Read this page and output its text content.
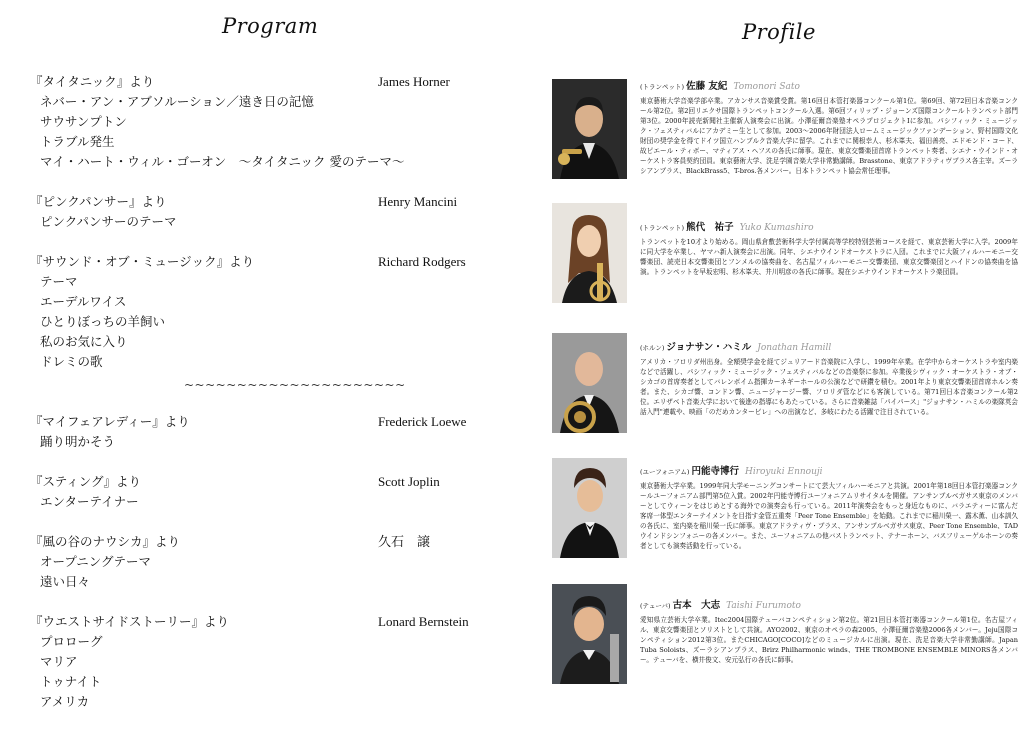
Program	Profile
『タイタニック』より	James Horner
ネバー・アン・アブソルーション／遠き日の記憶
サウサンプトン
トラブル発生
マイ・ハート・ウィル・ゴーオン　～タイタニック 愛のテーマ～
『ピンクパンサー』より	Henry Mancini
ピンクパンサーのテーマ
『サウンド・オブ・ミュージック』より	Richard Rodgers
テーマ
エーデルワイス
ひとりぼっちの羊飼い
私のお気に入り
ドレミの歌
~~~~~~~~~~~~~~~~~~~~~
『マイフェアレディー』より	Frederick Loewe
踊り明かそう
『スティング』より	Scott Joplin
エンターテイナー
『風の谷のナウシカ』より	久石　譲
オープニングテーマ
遠い日々
『ウエストサイドストーリー』より	Lonard Bernstein
プロローグ
マリア
トゥナイト
アメリカ
(トランペット) 佐藤 友紀 Tomonori Sato
東京藝術大学音楽学部卒業。アカンサス音楽賞受賞。第16回日本管打楽器コンクール第1位。第69回、第72回日本音楽コンクール第2位。第2回リエクサ国際トランペットコンクール入選。第6回フィリップ・ジョーンズ国際コンクールトランペット部門第3位。2000年読売新聞社主催新人演奏会に出演。小澤征爾音楽塾オペラプロジェクトⅠに参加。パシフィック・ミュージック・フェスティバルにアカデミー生として参加。2003～2006年財団法人ロームミュージックファンデーション、野村国際文化財団の奨学金を得てドイツ国立ハンブルク音楽大学に留学。これまでに関根幸人、杉木峯夫、福田善亮、エドモンド・コード、故ピエール・ティボー、マティアス・ヘフスの各氏に師事。現在、東京交響楽団首席トランペット奏者、シエナ・ウインド・オーケストラ客員契約団員。東京藝術大学、洗足学園音楽大学非常勤講師。Brasstone、東京アドラティヴブラス各主宰。ズーラシアンブラス、BlackBrass5、T-bros.各メンバー。日本トランペット協会常任理事。
(トランペット) 熊代　祐子 Yuko Kumashiro
トランペットを10才より始める。岡山県倉敷芸術科学大学付属高等学校特別芸術コースを経て、東京芸術大学に入学。2009年に同大学を卒業し、ヤマハ新人演奏会に出演。同年、シエナウインドオーケストラに入団。これまでに大阪フィルハーモニー交響楽団、読売日本交響楽団とフンメルの協奏曲を、名古屋フィルハーモニー交響楽団、東京交響楽団とハイドンの協奏曲を協演。トランペットを早坂宏明、杉木峯夫、井川明彦の各氏に師事。現在シエナウインドオーケストラ楽団員。
(ホルン) ジョナサン・ハミル Jonathan Hamill
アメリカ・フロリダ州出身。全額奨学金を経てジュリアード音楽院に入学し、1999年卒業。在学中からオーケストラや室内楽などで活躍し、パシフィック・ミュージック・フェスティバルなどの音楽祭に参加。卒業後シヴィック・オーケストラ・オブ・シカゴの首席奏者としてバレンボイム指揮カーネギーホールの公演などで研鑽を積む。2001年より東京交響楽団首席ホルン奏者。また、シカゴ響、コンドン響、ニュージャージー響、フロリダ管などにも客演している。第71回日本音楽コンクール第2位。エリザベト音楽大学において後進の指導にもあたっている。さらに音楽雑誌「パイパース」"ジョナサン・ハミルの楽隊英会話入門"連載や、映画「のだめカンタービレ」への出演など、多岐にわたる活躍で注目されている。
(ユーフォニアム) 円能寺博行 Hiroyuki Ennouji
東京藝術大学卒業。1999年同大学モーニングコンサートにて芸大フィルハーモニアと共演。2001年第18回日本管打楽器コンクールユーフォニアム部門第5位入賞。2002年円能寺博行ユーフォニアムリサイタルを開催。アンサンブルベガサス東京のメンバーとしてウィーンをはじめとする海外での演奏会も行っている。2011年演奏会をもっと身近なものに、バラエティーに富んだ客席一体型エンターテイメントを目指す金管五重奏「Peer Tone Ensemble」を始動。これまでに稲川榮一、露木薫、山本訓久の各氏に、室内楽を稲川榮一氏に師事。東京アドラティヴ・ブラス、アンサンブルベガサス東京、Peer Tone Ensemble、TADウインドシンフォニーの各メンバー。また、ユーフォニアムの他バストランペット、テナーホーン、バスフリューゲルホーンの奏者としても演奏活動を行っている。
(テューバ) 古本　大志 Taishi Furumoto
愛知県立芸術大学卒業。Itec2004国際テューバコンペティション第2位。第21回日本管打楽器コンクール第1位。名古屋フィル、東京交響楽団とソリストとして共演。AYO2002、東京のオペラの森2005、小澤征爾音楽塾2006各メンバー。Jeju国際コンペティション2012第3位。またCHICAGO[COCO]などのミュージカルに出演。現在、洗足音楽大学非常勤講師。Japan Tuba Soloists、ズーラシアンブラス、Brirz Philharmonic winds、THE TROMBONE ENSEMBLE MINORS各メンバー。テューバを、横井俊文、安元弘行の各氏に師事。
